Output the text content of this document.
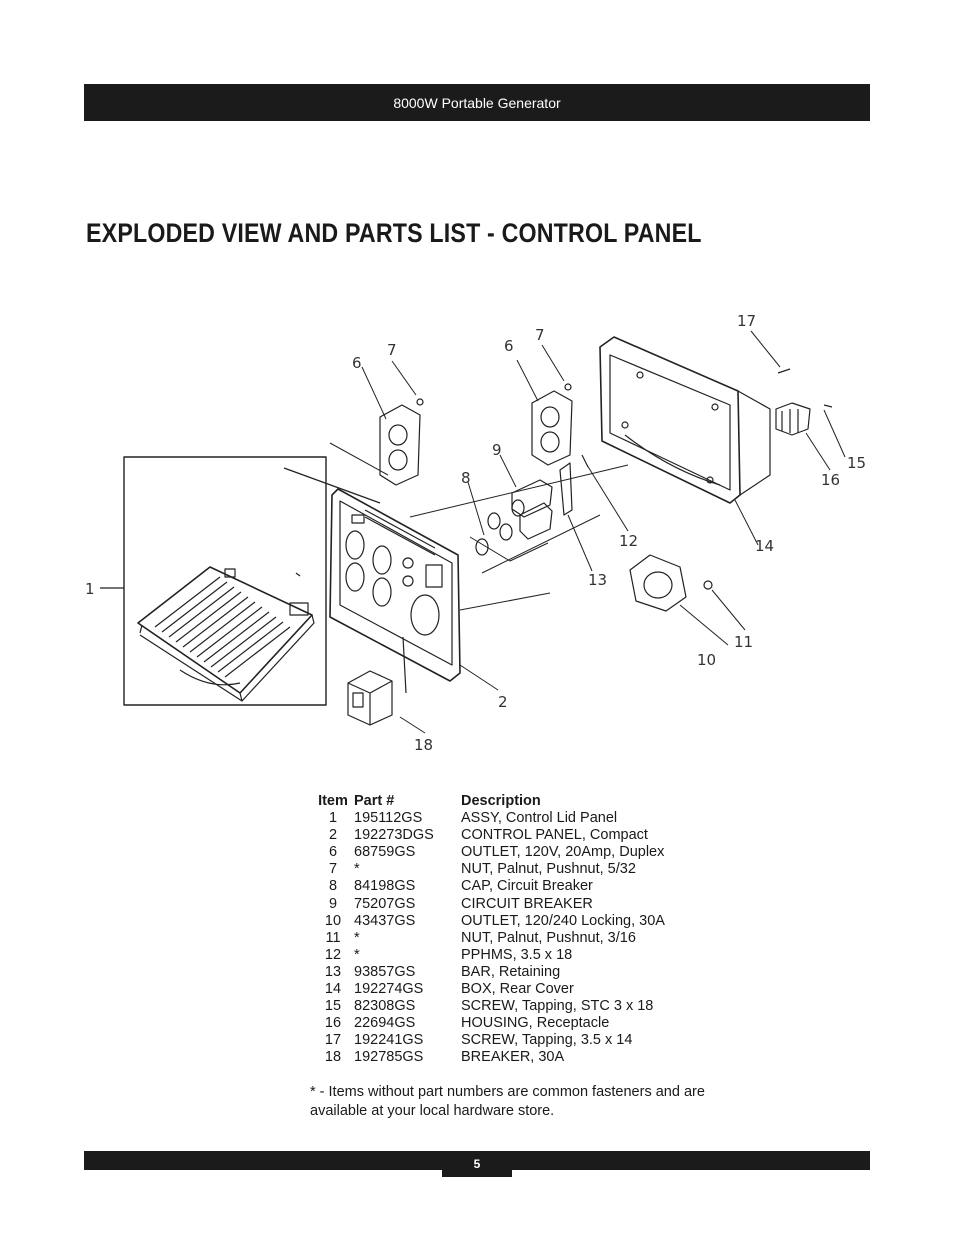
8000W Portable Generator
EXPLODED VIEW AND PARTS LIST - CONTROL PANEL
1
2
6
7	6
7
8
9
10
11
12
13
14
15
16
17
18
Item	Part #	Description
1	195112GS	ASSY, Control Lid Panel
2	192273DGS	CONTROL PANEL, Compact
6	68759GS	OUTLET, 120V, 20Amp, Duplex
7	*	NUT, Palnut, Pushnut, 5/32
8	84198GS	CAP, Circuit Breaker
9	75207GS	CIRCUIT BREAKER
10	43437GS	OUTLET, 120/240 Locking, 30A
11	*	NUT, Palnut, Pushnut, 3/16
12	*	PPHMS, 3.5 x 18
13	93857GS	BAR, Retaining
14	192274GS	BOX, Rear Cover
15	82308GS	SCREW, Tapping, STC 3 x 18
16	22694GS	HOUSING, Receptacle
17	192241GS	SCREW, Tapping, 3.5 x 14
18	192785GS	BREAKER, 30A

* - Items without part numbers are common fasteners and are available at your local hardware store.

5
